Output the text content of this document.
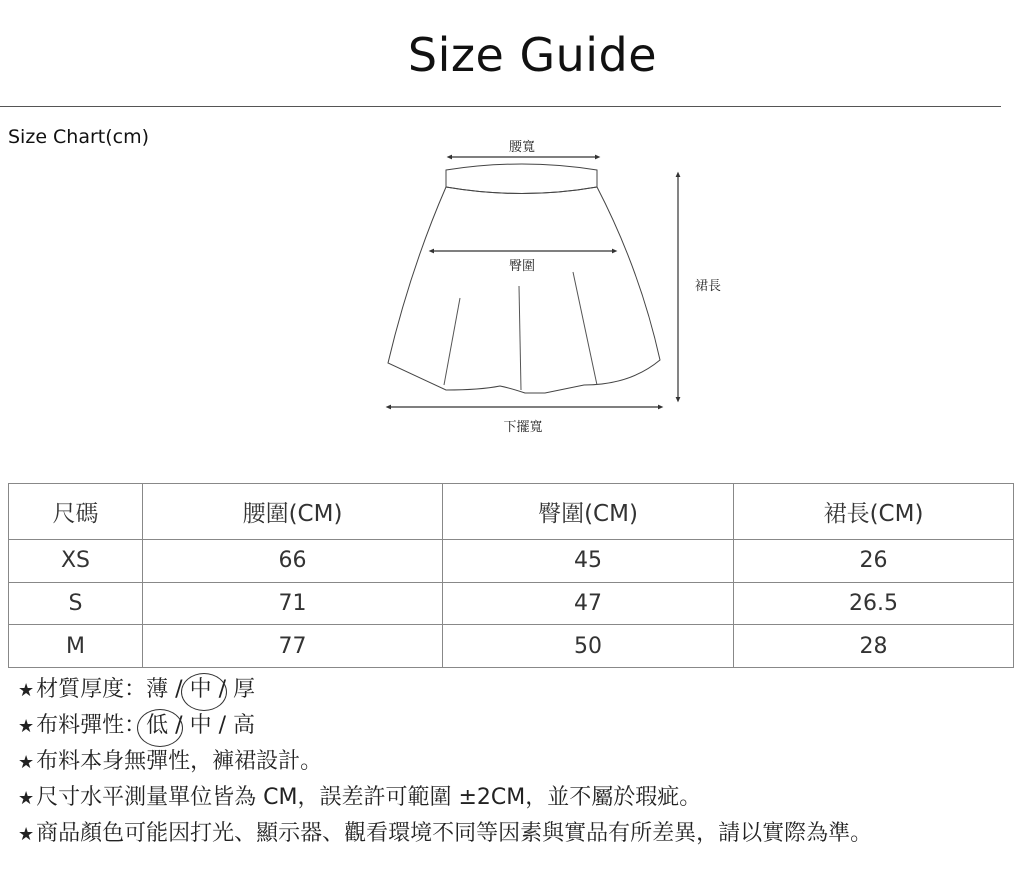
Size Guide
Size Chart(cm)	腰寬
臀圍
裙長
下擺寬
尺碼	腰圍(CM)	臀圍(CM)	裙長(CM)
XS	66	45	26
S	71	47	26.5
M	77	50	28
★材質厚度：薄 / 中 / 厚
★布料彈性：低 / 中 / 高
★布料本身無彈性，褲裙設計。
★尺寸水平測量單位皆為 CM，誤差許可範圍 ±2CM，並不屬於瑕疵。
★商品顏色可能因打光、顯示器、觀看環境不同等因素與實品有所差異，請以實際為準。
